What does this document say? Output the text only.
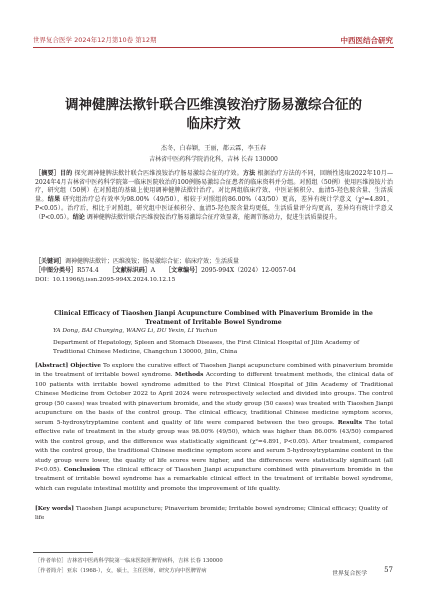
世界复合医学 2024年12月第10卷 第12期	中西医结合研究
调神健脾法揿针联合匹维溴铵治疗肠易激综合征的
临床疗效
杰冬，白春颖，王丽，都云霖，李玉春
吉林省中医药科学院消化科，吉林 长春 130000
［摘要］目的 探究调神健脾法揿针联合匹维溴铵治疗肠易激综合征的疗效。方法 根据治疗方法的不同，回顾性选取2022年10月—2024年4月吉林省中医药科学院第一临床医院收治的100例肠易激综合征患者的临床资料并分组。对照组（50例）使用匹维溴铵片治疗，研究组（50例）在对照组的基础上使用调神健脾法揿针治疗。对比两组临床疗效、中医证候积分、血清5-羟色胺含量、生活质量。结果 研究组治疗总有效率为98.00%（49/50），相较于对照组的86.00%（43/50）更高，差异有统计学意义（χ²=4.891，P<0.05）。治疗后，相比于对照组，研究组中医证候积分、血清5-羟色胺含量均更低，生活质量评分均更高，差异均有统计学意义（P<0.05）。结论 调神健脾法揿针联合匹维溴铵治疗肠易激综合征疗效显著，能调节肠动力，促进生活质量提升。
［关键词］调神健脾法揿针；匹维溴铵；肠易激综合征；临床疗效；生活质量
［中图分类号］R574.4 ［文献标识码］A ［文章编号］2095-994X（2024）12-0057-04
DOI：10.11966/j.issn.2095-994X.2024.10.12.15
Clinical Efficacy of Tiaoshen Jianpi Acupuncture Combined with Pinaverium Bromide in the
Treatment of Irritable Bowel Syndrome
YA Dong, BAI Chunying, WANG Li, DU Yexin, LI Yuchun
Department of Hepatology, Spleen and Stomach Diseases, the First Clinical Hospital of Jilin Academy of Traditional Chinese Medicine, Changchun 130000, Jilin, China
[Abstract] Objective To explore the curative effect of Tiaoshen Jianpi acupuncture combined with pinaverium bromide in the treatment of irritable bowel syndrome. Methods According to different treatment methods, the clinical data of 100 patients with irritable bowel syndrome admitted to the First Clinical Hospital of Jilin Academy of Traditional Chinese Medicine from October 2022 to April 2024 were retrospectively selected and divided into groups. The control group (50 cases) was treated with pinaverium bromide, and the study group (50 cases) was treated with Tiaoshen Jianpi acupuncture on the basis of the control group. The clinical efficacy, traditional Chinese medicine symptom scores, serum 5-hydroxytryptamine content and quality of life were compared between the two groups. Results The total effective rate of treatment in the study group was 98.00% (49/50), which was higher than 86.00% (43/50) compared with the control group, and the difference was statistically significant (χ²=4.891, P<0.05). After treatment, compared with the control group, the traditional Chinese medicine symptom score and serum 5-hydroxytryptamine content in the study group were lower, the quality of life scores were higher, and the differences were statistically significant (all P<0.05). Conclusion The clinical efficacy of Tiaoshen Jianpi acupuncture combined with pinaverium bromide in the treatment of irritable bowel syndrome has a remarkable clinical effect in the treatment of irritable bowel syndrome, which can regulate intestinal motility and promote the improvement of life quality.
[Key words] Tiaoshen Jianpi acupuncture; Pinaverium bromide; Irritable bowel syndrome; Clinical efficacy; Quality of life
［作者单位］吉林省中医药科学院第一临床医院肝脾胃病科，吉林 长春 130000
［作者简介］亚东（1968-），女，硕士，主任医师，研究方向中医脾胃病	世界复合医学 57
